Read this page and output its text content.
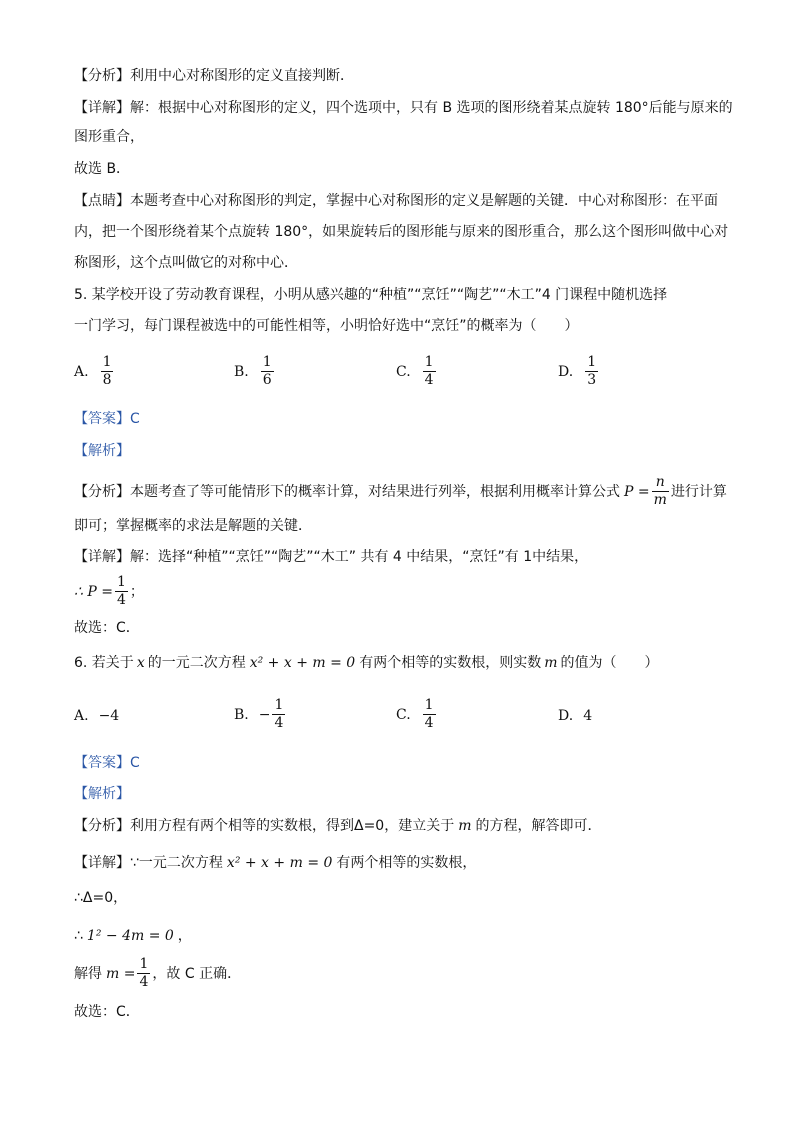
【分析】利用中心对称图形的定义直接判断．
【详解】解：根据中心对称图形的定义，四个选项中，只有 B 选项的图形绕着某点旋转 180°后能与原来的
图形重合，
故选 B．
【点睛】本题考查中心对称图形的判定，掌握中心对称图形的定义是解题的关键．中心对称图形：在平面
内，把一个图形绕着某个点旋转 180°，如果旋转后的图形能与原来的图形重合，那么这个图形叫做中心对
称图形，这个点叫做它的对称中心．
5. 某学校开设了劳动教育课程，小明从感兴趣的“种植”“烹饪”“陶艺”“木工”4 门课程中随机选择
一门学习，每门课程被选中的可能性相等，小明恰好选中“烹饪”的概率为（　　）
A. $\frac{1}{8}$	B. $\frac{1}{6}$	C. $\frac{1}{4}$	D. $\frac{1}{3}$
【答案】C
【解析】
【分析】本题考查了等可能情形下的概率计算，对结果进行列举，根据利用概率计算公式 $P = \frac{n}{m}$ 进行计算
即可；掌握概率的求法是解题的关键．
【详解】解：选择“种植”“烹饪”“陶艺”“木工” 共有 4 中结果，“烹饪”有 1中结果，
∴ $P = \frac{1}{4}$ ；
故选：C．
6. 若关于 x 的一元二次方程 x² + x + m = 0 有两个相等的实数根，则实数 m 的值为（　　）
A. −4	B. − $\frac{1}{4}$	C. $\frac{1}{4}$	D. 4
【答案】C
【解析】
【分析】利用方程有两个相等的实数根，得到Δ=0，建立关于 m 的方程，解答即可．
【详解】∵一元二次方程 x² + x + m = 0 有两个相等的实数根，
∴Δ=0，
∴ 1² − 4m = 0 ，
解得 $m = \frac{1}{4}$ ，故 C 正确．
故选：C．
